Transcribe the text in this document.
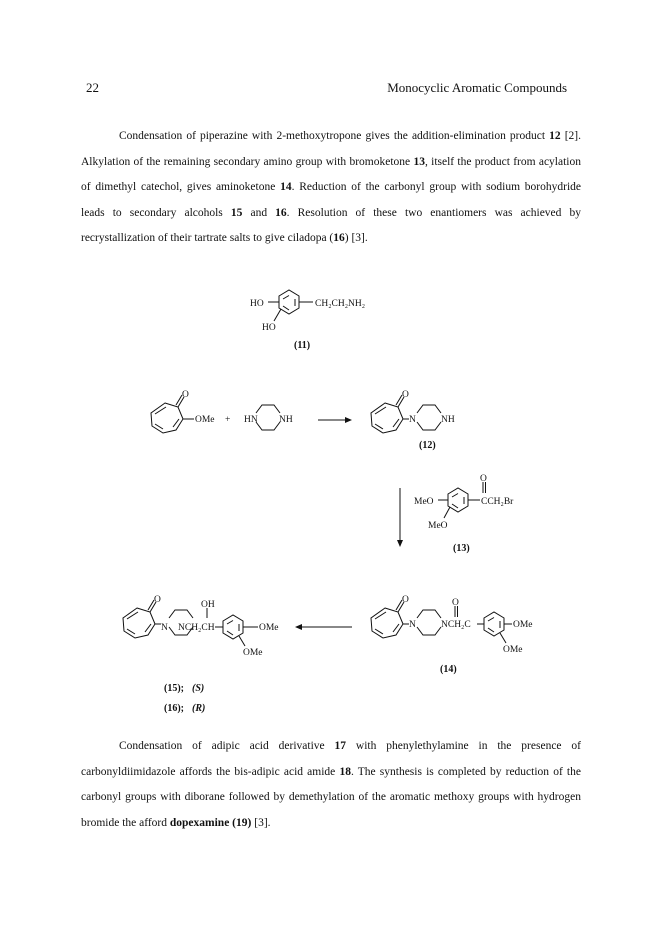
22	Monocyclic Aromatic Compounds

Condensation of piperazine with 2-methoxytropone gives the addition-elimination product 12 [2]. Alkylation of the remaining secondary amino group with bromoketone 13, itself the product from acylation of dimethyl catechol, gives aminoketone 14. Reduction of the carbonyl group with sodium borohydride leads to secondary alcohols 15 and 16. Resolution of these two enantiomers was achieved by recrystallization of their tartrate salts to give ciladopa (16) [3].

HO	CH₂CH₂NH₂
HO
(11)
O
OMe + HN NH
O
N	NH
(12)
O
MeO	CCH₂Br
MeO
(13)
O	O
N	NCH₂C	OMe
OMe
(14)
O	OH
N NCH₂CH	OMe
OMe
(15); (S)
(16); (R)

Condensation of adipic acid derivative 17 with phenylethylamine in the presence of carbonyldiimidazole affords the bis-adipic acid amide 18. The synthesis is completed by reduction of the carbonyl groups with diborane followed by demethylation of the aromatic methoxy groups with hydrogen bromide the afford dopexamine (19) [3].
